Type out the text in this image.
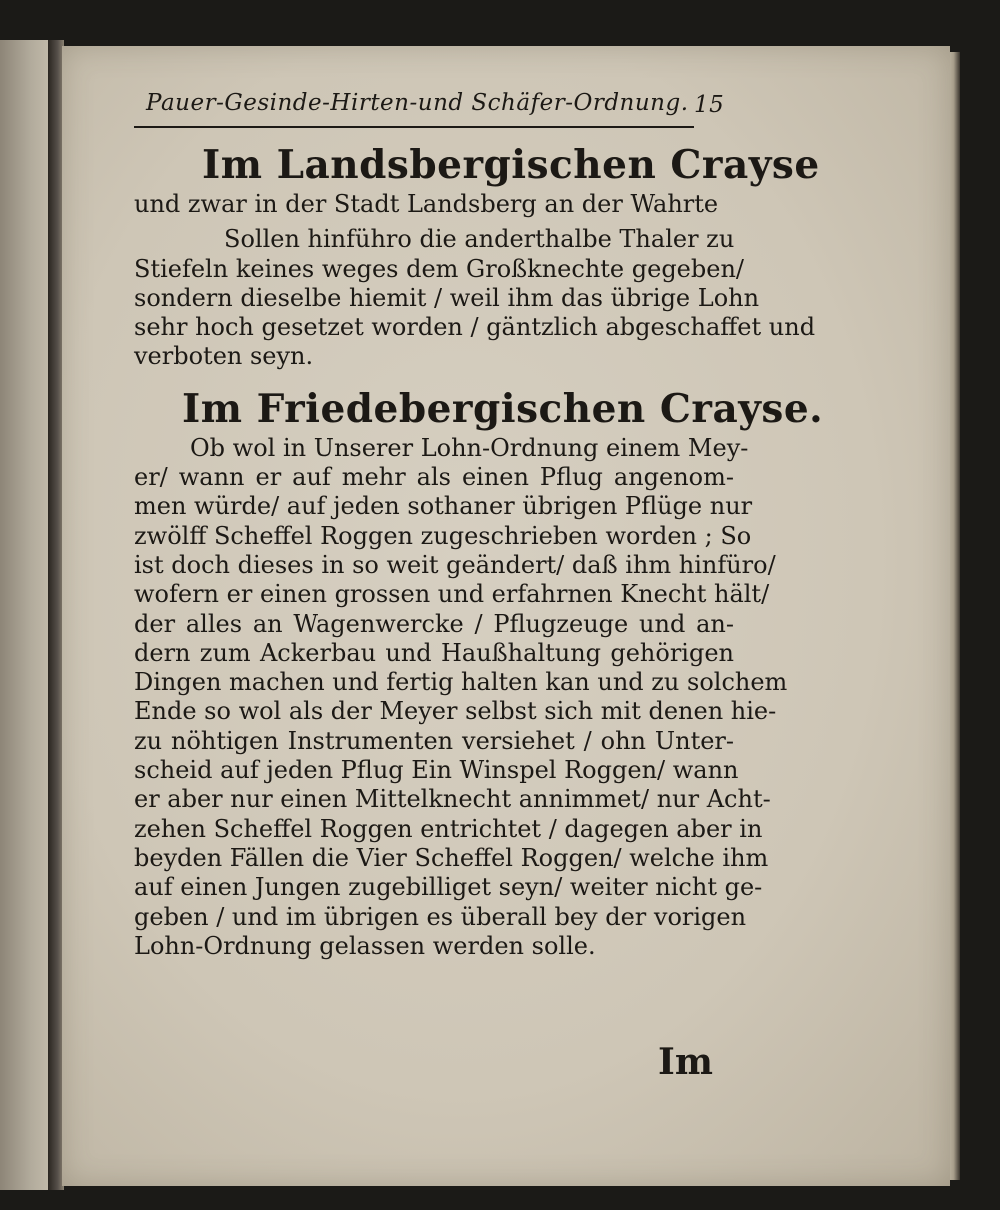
Pauer-Gesinde-Hirten-und Schäfer-Ordnung. 15
Im Landsbergischen Crayse
und zwar in der Stadt Landsberg an der Wahrte
Sollen hinführo die anderthalbe Thaler zu
Stiefeln keines weges dem Großknechte gegeben/
sondern dieselbe hiemit / weil ihm das übrige Lohn
sehr hoch gesetzet worden / gäntzlich abgeschaffet und
verboten seyn.
Im Friedebergischen Crayse.
Ob wol in Unserer Lohn-Ordnung einem Mey-
er/ wann er auf mehr als einen Pflug angenom-
men würde/ auf jeden sothaner übrigen Pflüge nur
zwölff Scheffel Roggen zugeschrieben worden ; So
ist doch dieses in so weit geändert/ daß ihm hinfüro/
wofern er einen grossen und erfahrnen Knecht hält/
der alles an Wagenwercke / Pflugzeuge und an-
dern zum Ackerbau und Haußhaltung gehörigen
Dingen machen und fertig halten kan und zu solchem
Ende so wol als der Meyer selbst sich mit denen hie-
zu nöhtigen Instrumenten versiehet / ohn Unter-
scheid auf jeden Pflug Ein Winspel Roggen/ wann
er aber nur einen Mittelknecht annimmet/ nur Acht-
zehen Scheffel Roggen entrichtet / dagegen aber in
beyden Fällen die Vier Scheffel Roggen/ welche ihm
auf einen Jungen zugebilliget seyn/ weiter nicht ge-
geben / und im übrigen es überall bey der vorigen
Lohn-Ordnung gelassen werden solle.
Im
